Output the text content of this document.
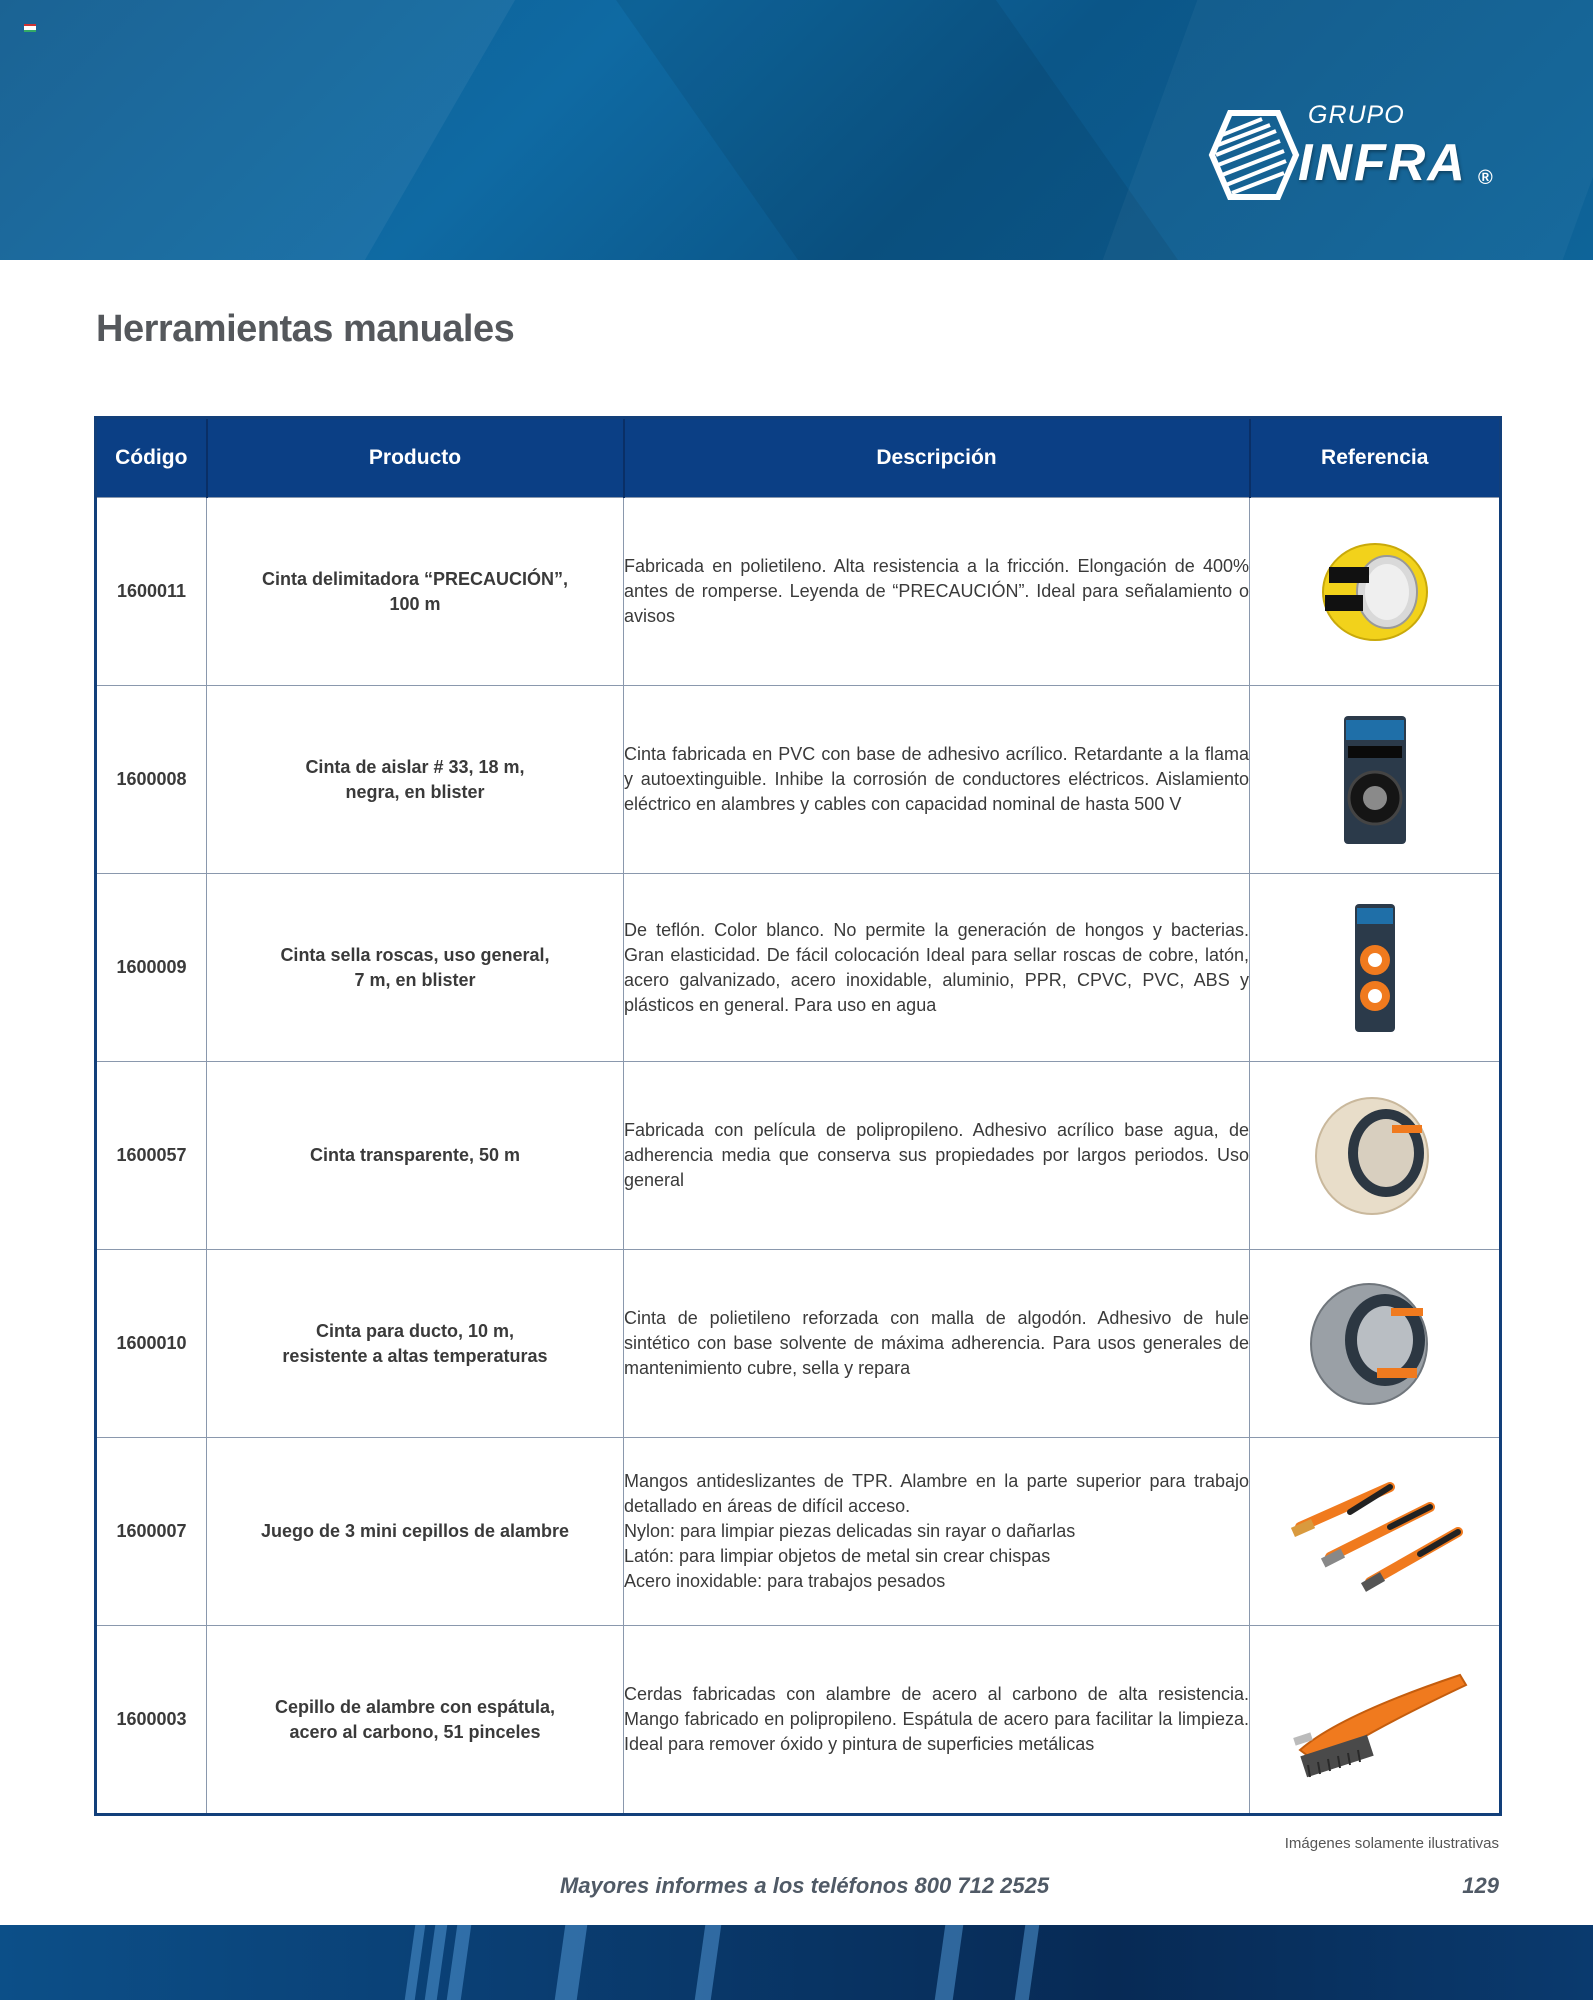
GRUPO
INFRA ®
Herramientas manuales
Código	Producto	Descripción	Referencia
1600011	Cinta delimitadora “PRECAUCIÓN”,
100 m	Fabricada en polietileno. Alta resistencia a la fricción. Elongación de 400% antes de romperse. Leyenda de “PRECAUCIÓN”. Ideal para señalamiento o avisos

1600008	Cinta de aislar # 33, 18 m,
negra, en blister	Cinta fabricada en PVC con base de adhesivo acrílico. Retardante a la flama y autoextinguible. Inhibe la corrosión de conductores eléctricos. Aislamiento eléctrico en alambres y cables con capacidad nominal de hasta 500 V

1600009	Cinta sella roscas, uso general,
7 m, en blister	De teflón. Color blanco. No permite la generación de hongos y bacterias. Gran elasticidad. De fácil colocación Ideal para sellar roscas de cobre, latón, acero galvanizado, acero inoxidable, aluminio, PPR, CPVC, PVC, ABS y plásticos en general. Para uso en agua

1600057	Cinta transparente, 50 m	Fabricada con película de polipropileno. Adhesivo acrílico base agua, de adherencia media que conserva sus propiedades por largos periodos. Uso general

1600010	Cinta para ducto, 10 m,
resistente a altas temperaturas	Cinta de polietileno reforzada con malla de algodón. Adhesivo de hule sintético con base solvente de máxima adherencia. Para usos generales de mantenimiento cubre, sella y repara

1600007	Juego de 3 mini cepillos de alambre	Mangos antideslizantes de TPR. Alambre en la parte superior para trabajo detallado en áreas de difícil acceso.
Nylon: para limpiar piezas delicadas sin rayar o dañarlas
Latón: para limpiar objetos de metal sin crear chispas
Acero inoxidable: para trabajos pesados

1600003	Cepillo de alambre con espátula,
acero al carbono, 51 pinceles	Cerdas fabricadas con alambre de acero al carbono de alta resistencia. Mango fabricado en polipropileno. Espátula de acero para facilitar la limpieza. Ideal para remover óxido y pintura de superficies metálicas

Imágenes solamente ilustrativas
Mayores informes a los teléfonos 800 712 2525	129
